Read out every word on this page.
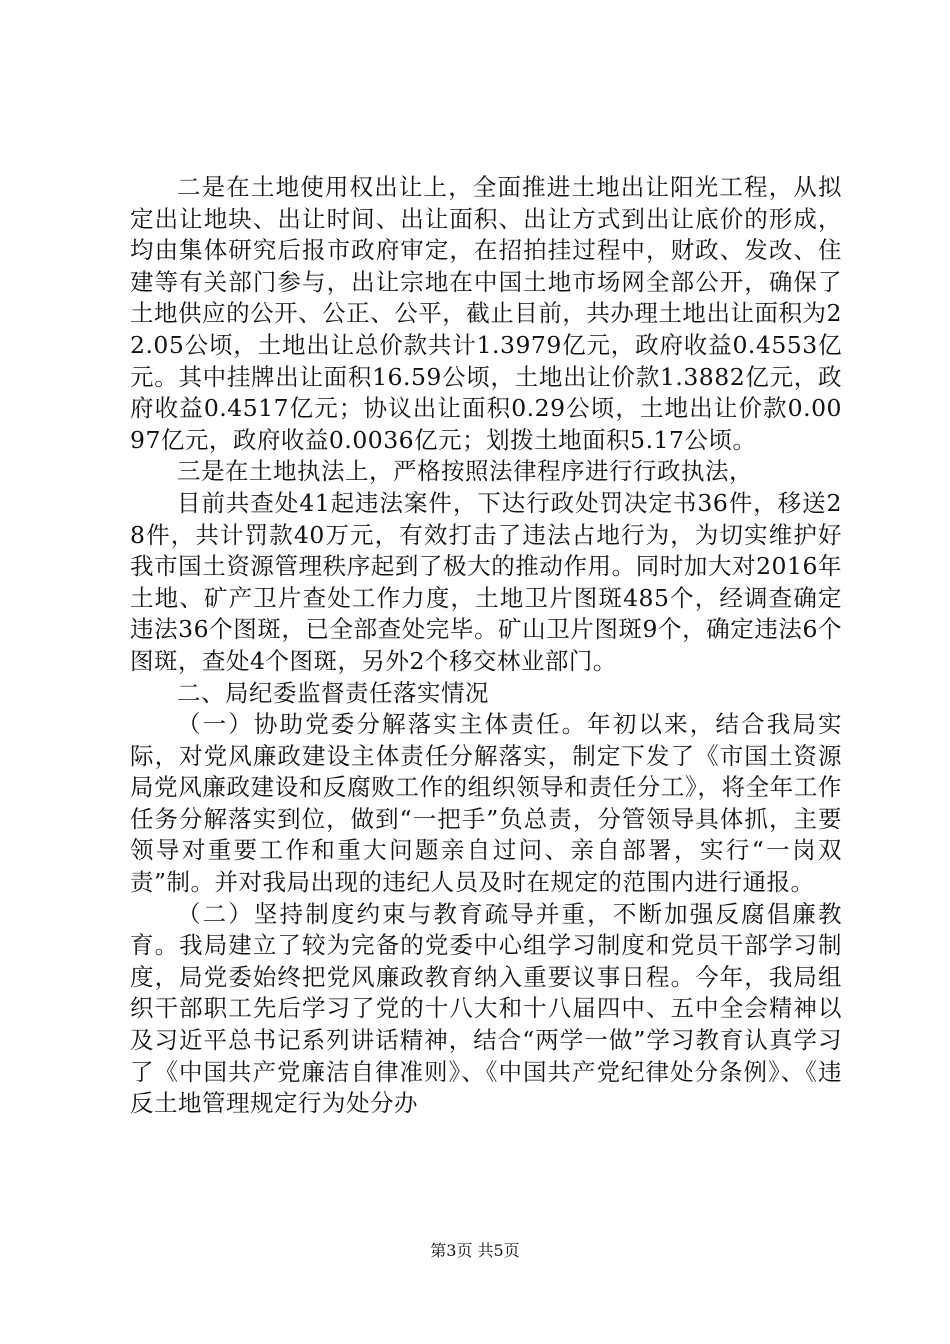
二是在土地使用权出让上，全面推进土地出让阳光工程，从拟定出让地块、出让时间、出让面积、出让方式到出让底价的形成，均由集体研究后报市政府审定，在招拍挂过程中，财政、发改、住建等有关部门参与，出让宗地在中国土地市场网全部公开，确保了土地供应的公开、公正、公平，截止目前，共办理土地出让面积为22.05公顷，土地出让总价款共计1.3979亿元，政府收益0.4553亿元。其中挂牌出让面积16.59公顷，土地出让价款1.3882亿元，政府收益0.4517亿元；协议出让面积0.29公顷，土地出让价款0.0097亿元，政府收益0.0036亿元；划拨土地面积5.17公顷。

三是在土地执法上，严格按照法律程序进行行政执法，

目前共查处41起违法案件，下达行政处罚决定书36件，移送28件，共计罚款40万元，有效打击了违法占地行为，为切实维护好我市国土资源管理秩序起到了极大的推动作用。同时加大对2016年土地、矿产卫片查处工作力度，土地卫片图斑485个，经调查确定违法36个图斑，已全部查处完毕。矿山卫片图斑9个，确定违法6个图斑，查处4个图斑，另外2个移交林业部门。

二、局纪委监督责任落实情况

（一）协助党委分解落实主体责任。年初以来，结合我局实际，对党风廉政建设主体责任分解落实，制定下发了《市国土资源局党风廉政建设和反腐败工作的组织领导和责任分工》，将全年工作任务分解落实到位，做到“一把手”负总责，分管领导具体抓，主要领导对重要工作和重大问题亲自过问、亲自部署，实行“一岗双责”制。并对我局出现的违纪人员及时在规定的范围内进行通报。

（二）坚持制度约束与教育疏导并重，不断加强反腐倡廉教育。我局建立了较为完备的党委中心组学习制度和党员干部学习制度，局党委始终把党风廉政教育纳入重要议事日程。今年，我局组织干部职工先后学习了党的十八大和十八届四中、五中全会精神以及习近平总书记系列讲话精神，结合“两学一做”学习教育认真学习了《中国共产党廉洁自律准则》、《中国共产党纪律处分条例》、《违反土地管理规定行为处分办

第3页 共5页
